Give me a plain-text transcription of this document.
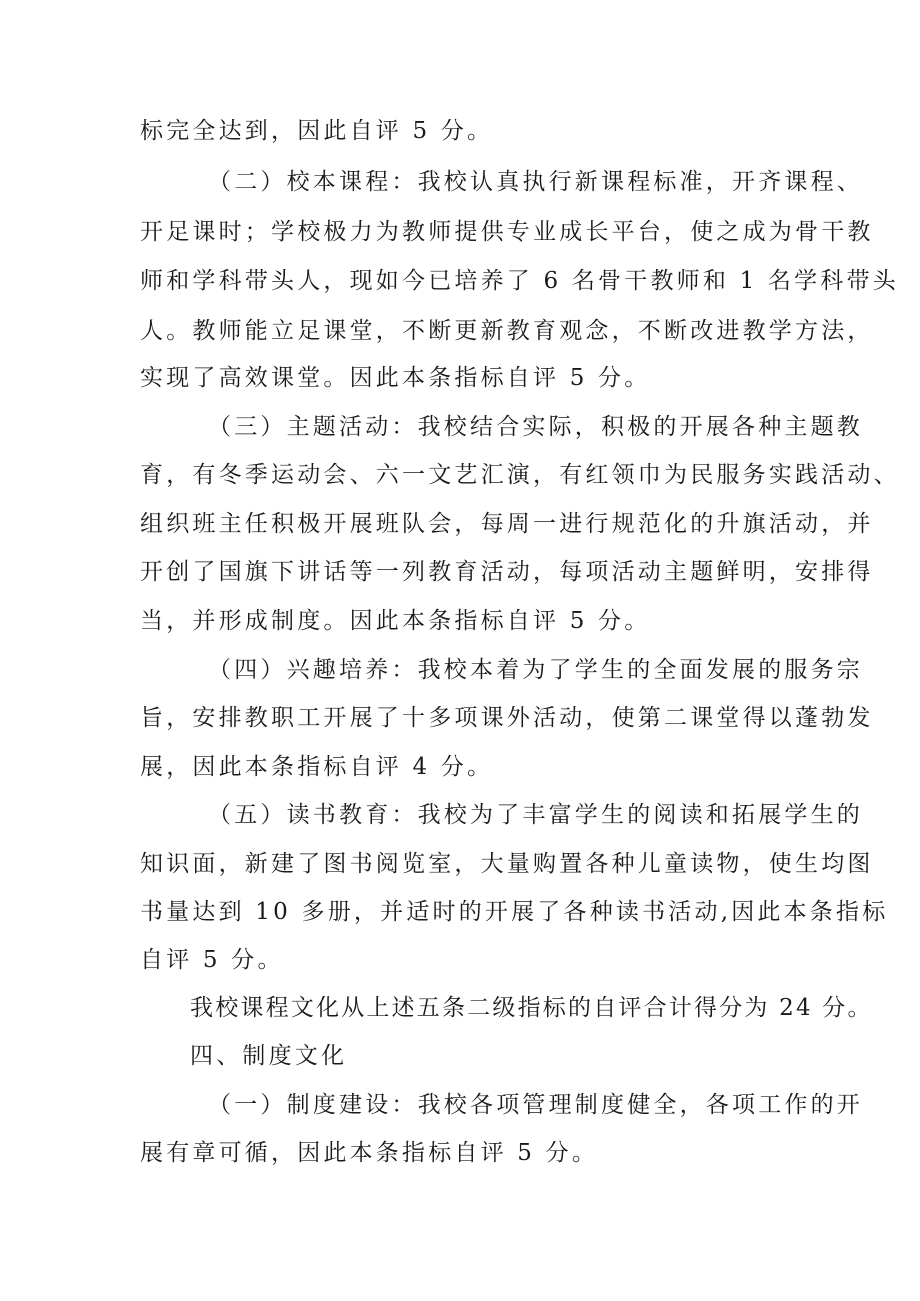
标完全达到，因此自评 5 分。
（二）校本课程：我校认真执行新课程标准，开齐课程、
开足课时；学校极力为教师提供专业成长平台，使之成为骨干教
师和学科带头人，现如今已培养了 6 名骨干教师和 1 名学科带头
人。教师能立足课堂，不断更新教育观念，不断改进教学方法，
实现了高效课堂。因此本条指标自评 5 分。
（三）主题活动：我校结合实际，积极的开展各种主题教
育，有冬季运动会、六一文艺汇演，有红领巾为民服务实践活动、
组织班主任积极开展班队会，每周一进行规范化的升旗活动，并
开创了国旗下讲话等一列教育活动，每项活动主题鲜明，安排得
当，并形成制度。因此本条指标自评 5 分。
（四）兴趣培养：我校本着为了学生的全面发展的服务宗
旨，安排教职工开展了十多项课外活动，使第二课堂得以蓬勃发
展，因此本条指标自评 4 分。
（五）读书教育：我校为了丰富学生的阅读和拓展学生的
知识面，新建了图书阅览室，大量购置各种儿童读物，使生均图
书量达到 10 多册，并适时的开展了各种读书活动,因此本条指标
自评 5 分。
我校课程文化从上述五条二级指标的自评合计得分为 24 分。
四、制度文化
（一）制度建设：我校各项管理制度健全，各项工作的开
展有章可循，因此本条指标自评 5 分。
